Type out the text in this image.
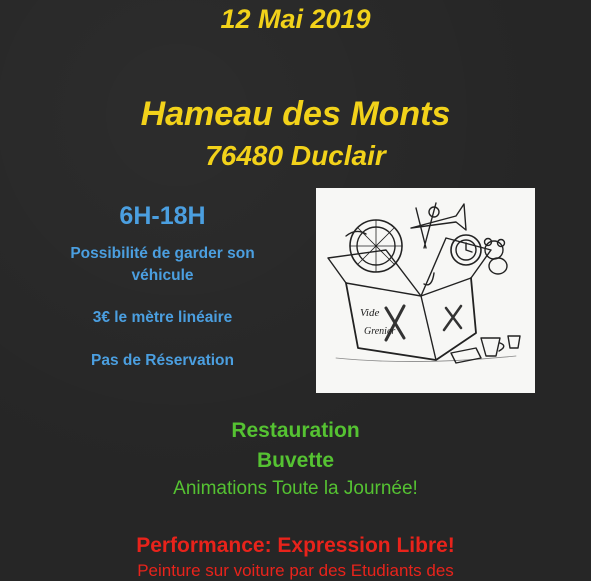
12 Mai 2019
Hameau des Monts
76480 Duclair
6H-18H
Possibilité de garder son véhicule
3€ le mètre linéaire
Pas de Réservation
Vide
Grenier
Restauration
Buvette
Animations Toute la Journée!
Performance: Expression Libre!
Peinture sur voiture par des Etudiants des
